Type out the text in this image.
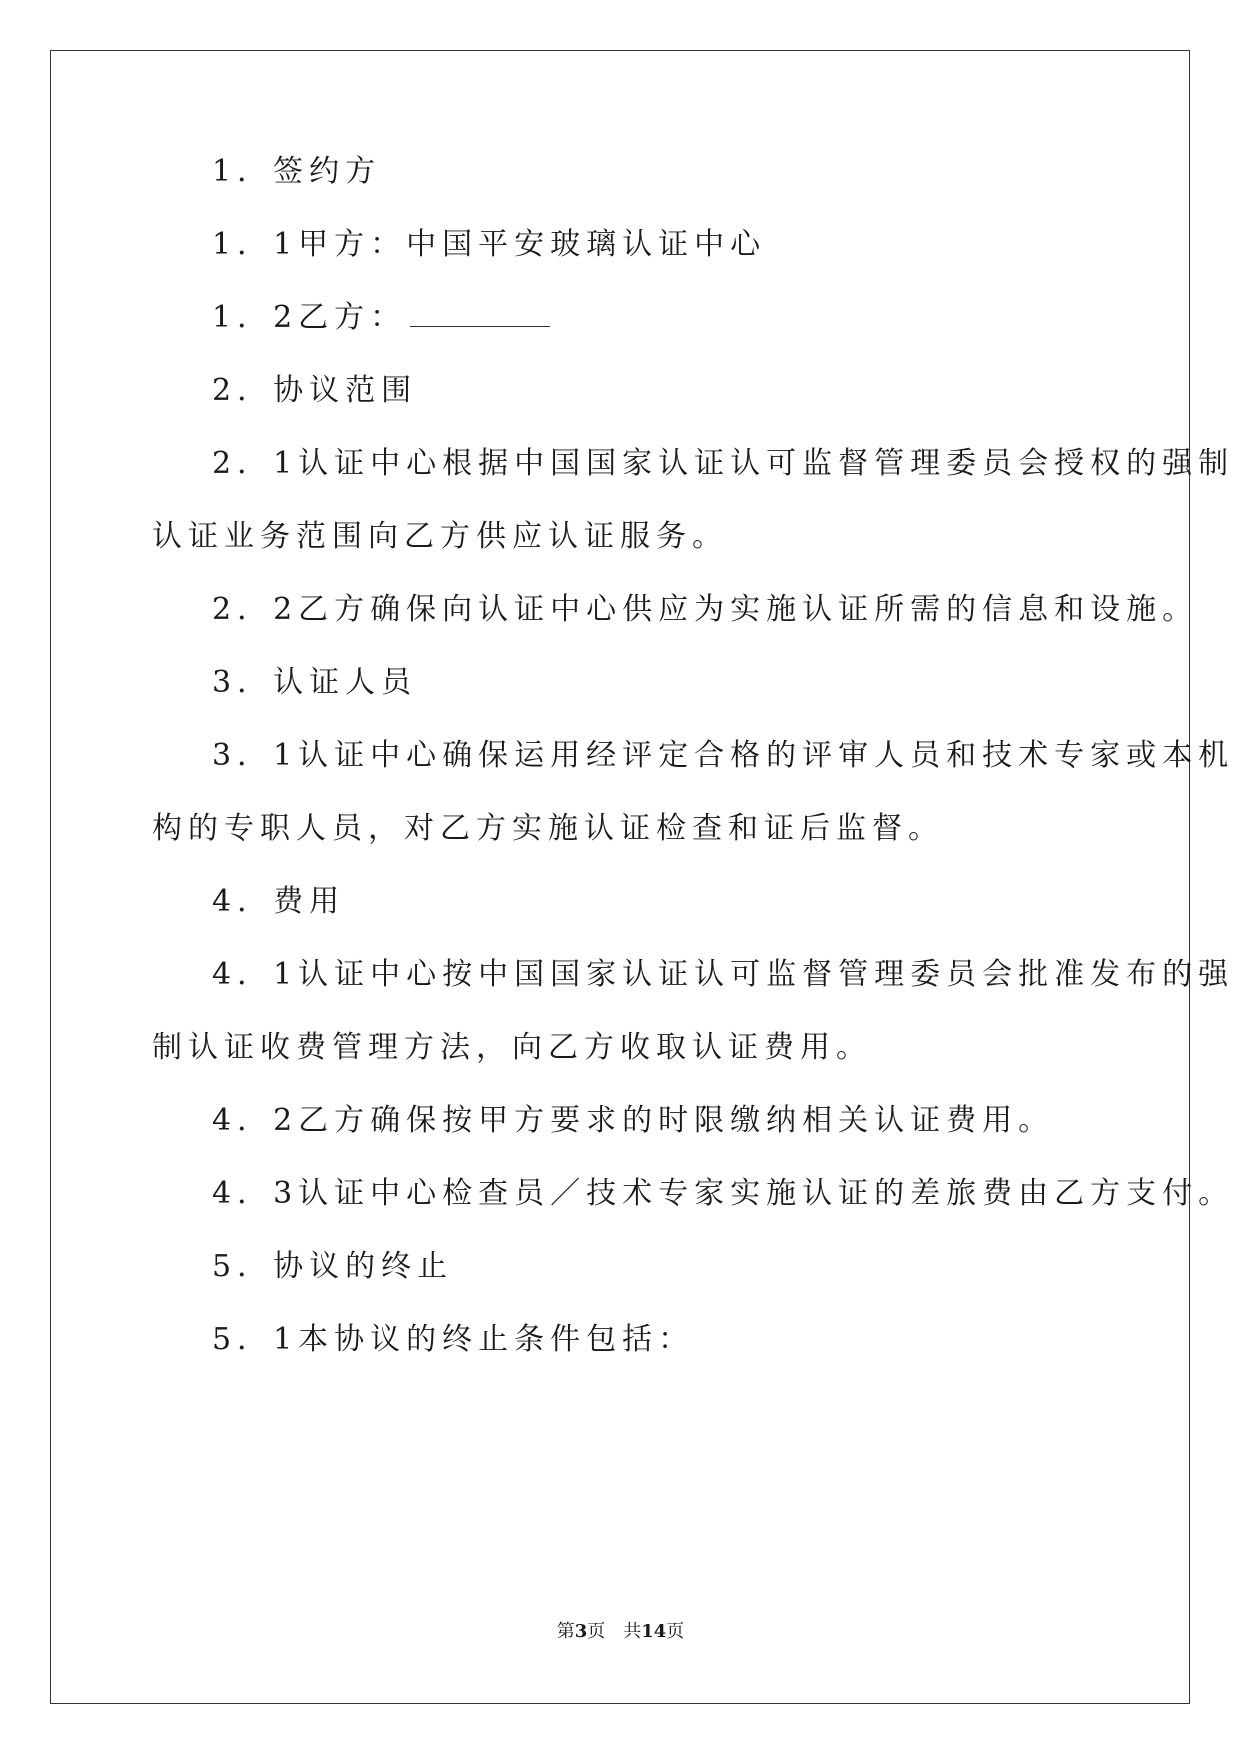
1．签约方
1．1甲方：中国平安玻璃认证中心
1．2乙方：
2．协议范围
2．1认证中心根据中国国家认证认可监督管理委员会授权的强制
认证业务范围向乙方供应认证服务。
2．2乙方确保向认证中心供应为实施认证所需的信息和设施。
3．认证人员
3．1认证中心确保运用经评定合格的评审人员和技术专家或本机
构的专职人员，对乙方实施认证检查和证后监督。
4．费用
4．1认证中心按中国国家认证认可监督管理委员会批准发布的强
制认证收费管理方法，向乙方收取认证费用。
4．2乙方确保按甲方要求的时限缴纳相关认证费用。
4．3认证中心检查员／技术专家实施认证的差旅费由乙方支付。
5．协议的终止
5．1本协议的终止条件包括：
第3页 共14页
